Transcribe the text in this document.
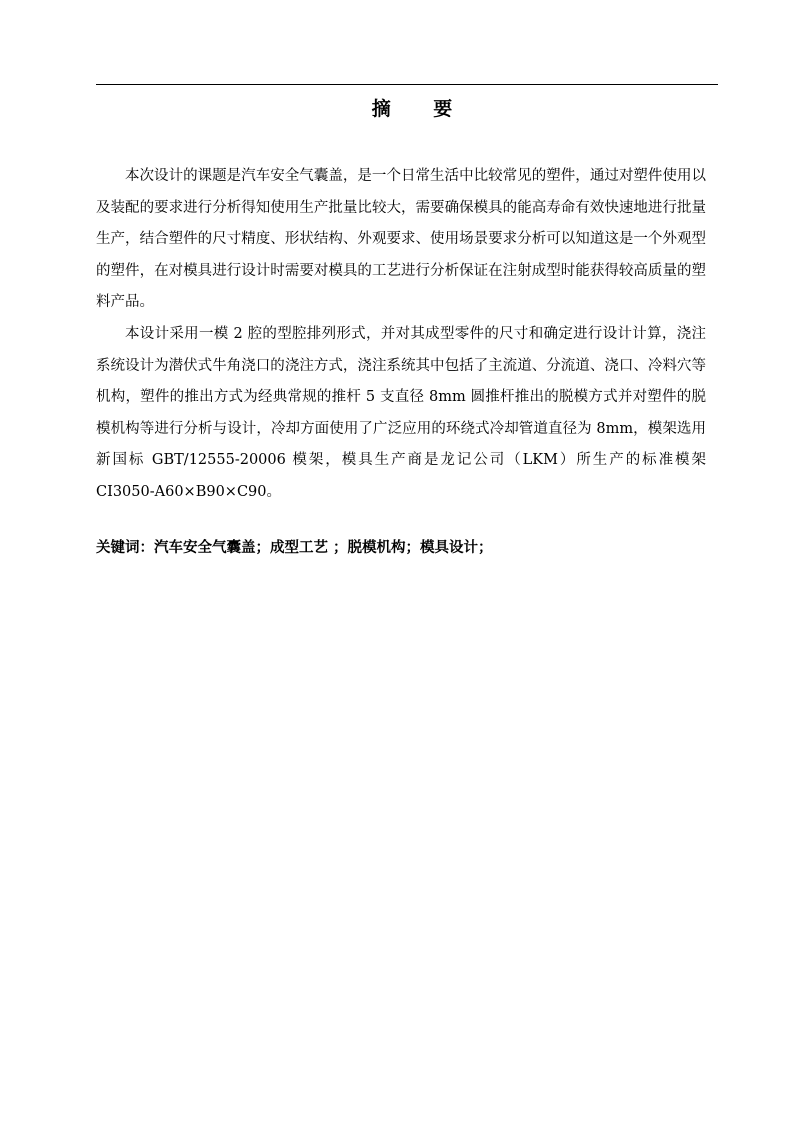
摘 要

本次设计的课题是汽车安全气囊盖，是一个日常生活中比较常见的塑件，通过对塑件使用以及装配的要求进行分析得知使用生产批量比较大，需要确保模具的能高寿命有效快速地进行批量生产，结合塑件的尺寸精度、形状结构、外观要求、使用场景要求分析可以知道这是一个外观型的塑件，在对模具进行设计时需要对模具的工艺进行分析保证在注射成型时能获得较高质量的塑料产品。

本设计采用一模 2 腔的型腔排列形式，并对其成型零件的尺寸和确定进行设计计算，浇注系统设计为潜伏式牛角浇口的浇注方式，浇注系统其中包括了主流道、分流道、浇口、冷料穴等机构，塑件的推出方式为经典常规的推杆 5 支直径 8mm 圆推杆推出的脱模方式并对塑件的脱模机构等进行分析与设计，冷却方面使用了广泛应用的环绕式冷却管道直径为 8mm，模架选用新国标 GBT/12555-20006 模架，模具生产商是龙记公司（LKM）所生产的标准模架 CI3050-A60×B90×C90。

关键词：汽车安全气囊盖；成型工艺 ；脱模机构；模具设计；
